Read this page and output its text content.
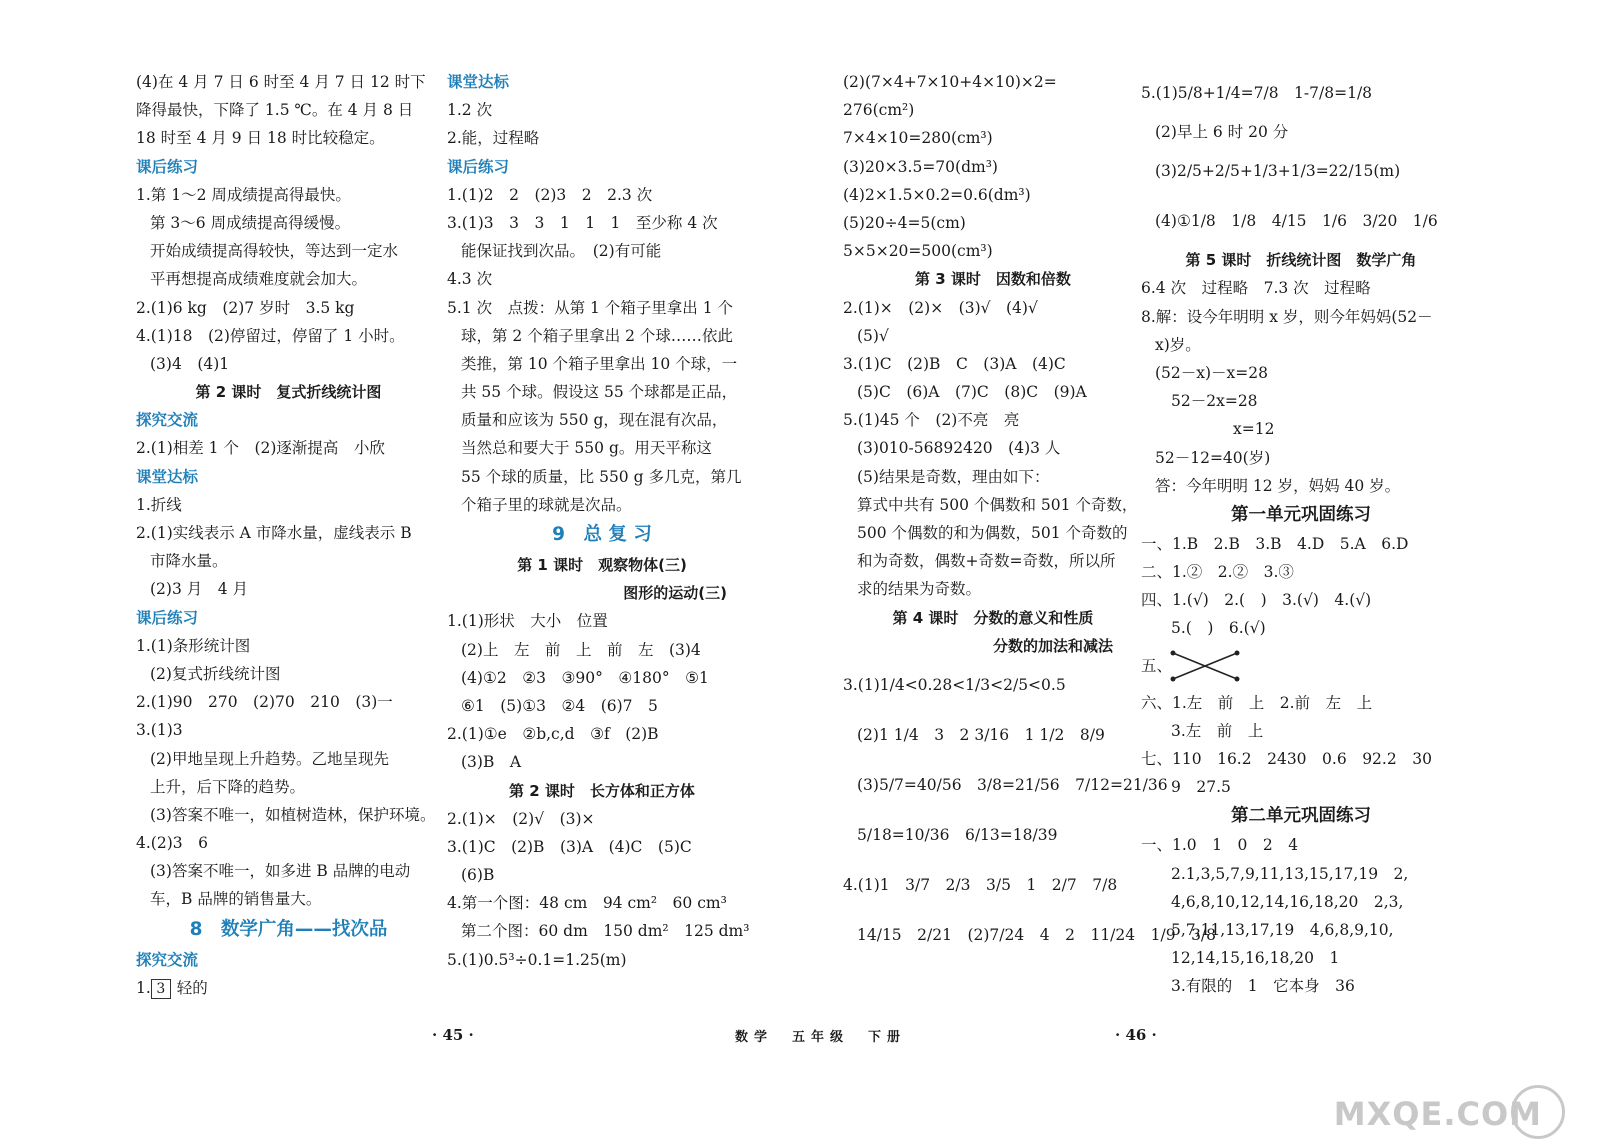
(4)在 4 月 7 日 6 时至 4 月 7 日 12 时下
降得最快，下降了 1.5 ℃。在 4 月 8 日
18 时至 4 月 9 日 18 时比较稳定。
课后练习
1.第 1～2 周成绩提高得最快。
第 3～6 周成绩提高得缓慢。
开始成绩提高得较快，等达到一定水
平再想提高成绩难度就会加大。
2.(1)6 kg　(2)7 岁时　3.5 kg
4.(1)18　(2)停留过，停留了 1 小时。
(3)4　(4)1
第 2 课时　复式折线统计图
探究交流
2.(1)相差 1 个　(2)逐渐提高　小欣
课堂达标
1.折线
2.(1)实线表示 A 市降水量，虚线表示 B
市降水量。
(2)3 月　4 月
课后练习
1.(1)条形统计图
(2)复式折线统计图
2.(1)90　270　(2)70　210　(3)一
3.(1)3
(2)甲地呈现上升趋势。乙地呈现先
上升，后下降的趋势。
(3)答案不唯一，如植树造林，保护环境。
4.(2)3　6
(3)答案不唯一，如多进 B 品牌的电动
车，B 品牌的销售量大。
8　数学广角——找次品
探究交流
1. 3 轻的
课堂达标
1.2 次
2.能，过程略
课后练习
1.(1)2　2　(2)3　2　2.3 次
3.(1)3　3　3　1　1　1　至少称 4 次
能保证找到次品。　(2)有可能
4.3 次
5.1 次　点拨：从第 1 个箱子里拿出 1 个
球，第 2 个箱子里拿出 2 个球……依此
类推，第 10 个箱子里拿出 10 个球，一
共 55 个球。假设这 55 个球都是正品，
质量和应该为 550 g，现在混有次品，
当然总和要大于 550 g。用天平称这
55 个球的质量，比 550 g 多几克，第几
个箱子里的球就是次品。
9　总 复 习
第 1 课时　观察物体(三)
图形的运动(三)
1.(1)形状　大小　位置
(2)上　左　前　上　前　左　(3)4
(4)①2　②3　③90°　④180°　⑤1
⑥1　(5)①3　②4　(6)7　5
2.(1)①e　②b,c,d　③f　(2)B
(3)B　A
第 2 课时　长方体和正方体
2.(1)×　(2)√　(3)×
3.(1)C　(2)B　(3)A　(4)C　(5)C
(6)B
4.第一个图：48 cm　94 cm²　60 cm³
第二个图：60 dm　150 dm²　125 dm³
5.(1)0.5³÷0.1=1.25(m)
(2)(7×4+7×10+4×10)×2=
276(cm²)
7×4×10=280(cm³)
(3)20×3.5=70(dm³)
(4)2×1.5×0.2=0.6(dm³)
(5)20÷4=5(cm)
5×5×20=500(cm³)
第 3 课时　因数和倍数
2.(1)×　(2)×　(3)√　(4)√
(5)√
3.(1)C　(2)B　C　(3)A　(4)C
(5)C　(6)A　(7)C　(8)C　(9)A
5.(1)45 个　(2)不亮　亮
(3)010-56892420　(4)3 人
(5)结果是奇数，理由如下：
算式中共有 500 个偶数和 501 个奇数，
500 个偶数的和为偶数，501 个奇数的
和为奇数，偶数+奇数=奇数，所以所
求的结果为奇数。
第 4 课时　分数的意义和性质
分数的加法和减法
3.(1)1/4<0.28<1/3<2/5<0.5
(2)1 1/4　3　2 3/16　1 1/2　8/9
(3)5/7=40/56　3/8=21/56　7/12=21/36
5/18=10/36　6/13=18/39
4.(1)1　3/7　2/3　3/5　1　2/7　7/8
14/15　2/21　(2)7/24　4　2　11/24　1/9　3/8
5.(1)5/8+1/4=7/8　1-7/8=1/8
(2)早上 6 时 20 分
(3)2/5+2/5+1/3+1/3=22/15(m)
(4)①1/8　1/8　4/15　1/6　3/20　1/6
第 5 课时　折线统计图　数学广角
6.4 次　过程略　7.3 次　过程略
8.解：设今年明明 x 岁，则今年妈妈(52－
x)岁。
(52－x)－x=28
52－2x=28
x=12
52－12=40(岁)
答：今年明明 12 岁，妈妈 40 岁。
第一单元巩固练习
一、1.B　2.B　3.B　4.D　5.A　6.D
二、1.②　2.②　3.③
四、1.(√)　2.(　)　3.(√)　4.(√)
5.(　)　6.(√)
五、
六、1.左　前　上　2.前　左　上
3.左　前　上
七、110　16.2　2430　0.6　92.2　30
9　27.5
第二单元巩固练习
一、1.0　1　0　2　4
2.1,3,5,7,9,11,13,15,17,19　2,
4,6,8,10,12,14,16,18,20　2,3,
5,7,11,13,17,19　4,6,8,9,10,
12,14,15,16,18,20　1
3.有限的　1　它本身　36
· 45 ·	数学　五年级　下册	· 46 ·
MXQE.COM
